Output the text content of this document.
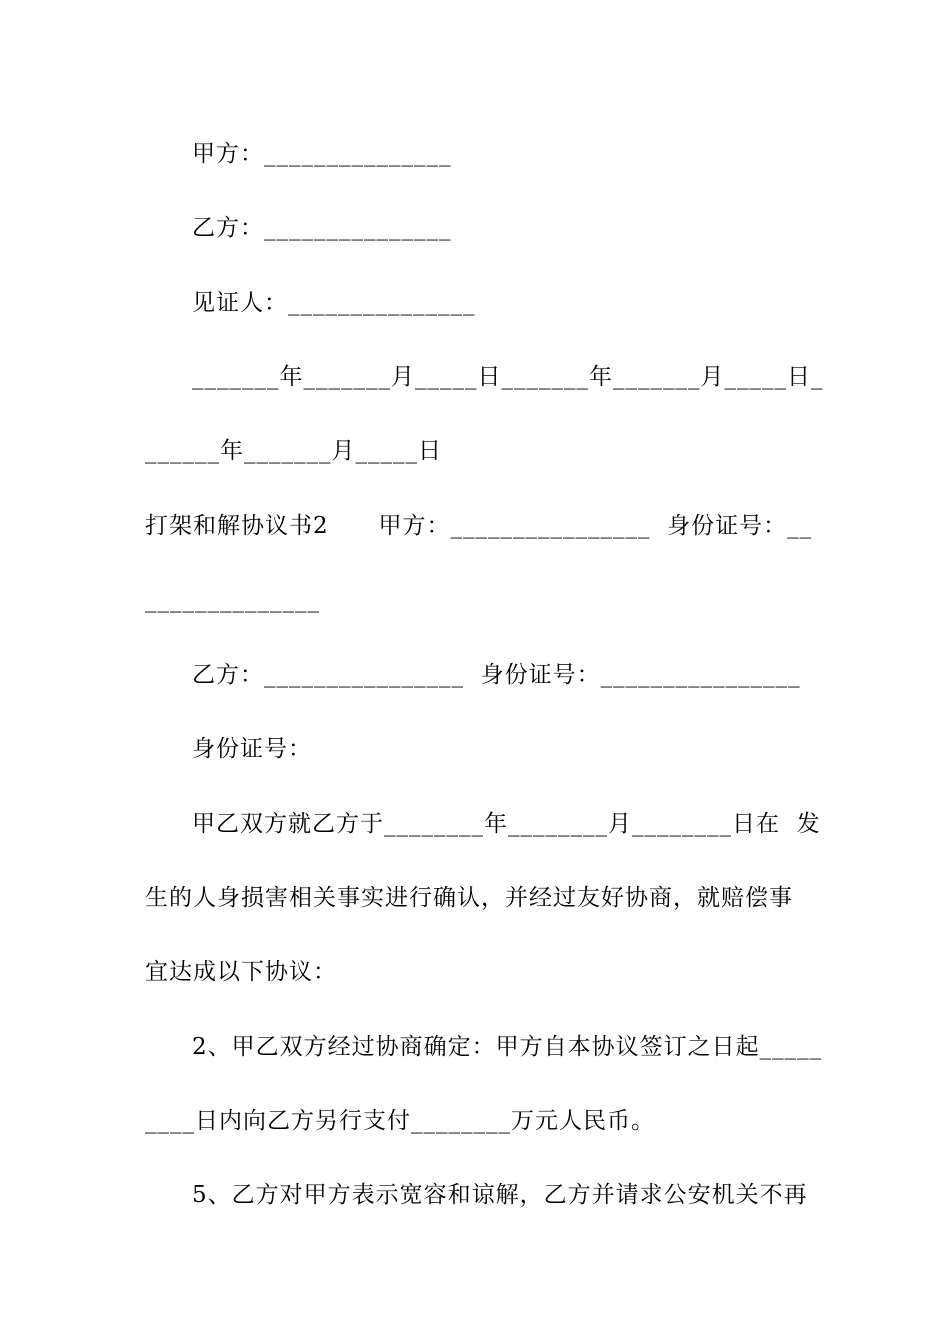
甲方：_______________
乙方：_______________
见证人：_______________
_______年_______月_____日_______年_______月_____日_
______年_______月_____日
打架和解协议书2      甲方：________________  身份证号：__
______________
乙方：________________  身份证号：________________
身份证号：
甲乙双方就乙方于________年________月________日在  发
生的人身损害相关事实进行确认，并经过友好协商，就赔偿事
宜达成以下协议：
2、甲乙双方经过协商确定：甲方自本协议签订之日起_____
____日内向乙方另行支付________万元人民币。
5、乙方对甲方表示宽容和谅解，乙方并请求公安机关不再
